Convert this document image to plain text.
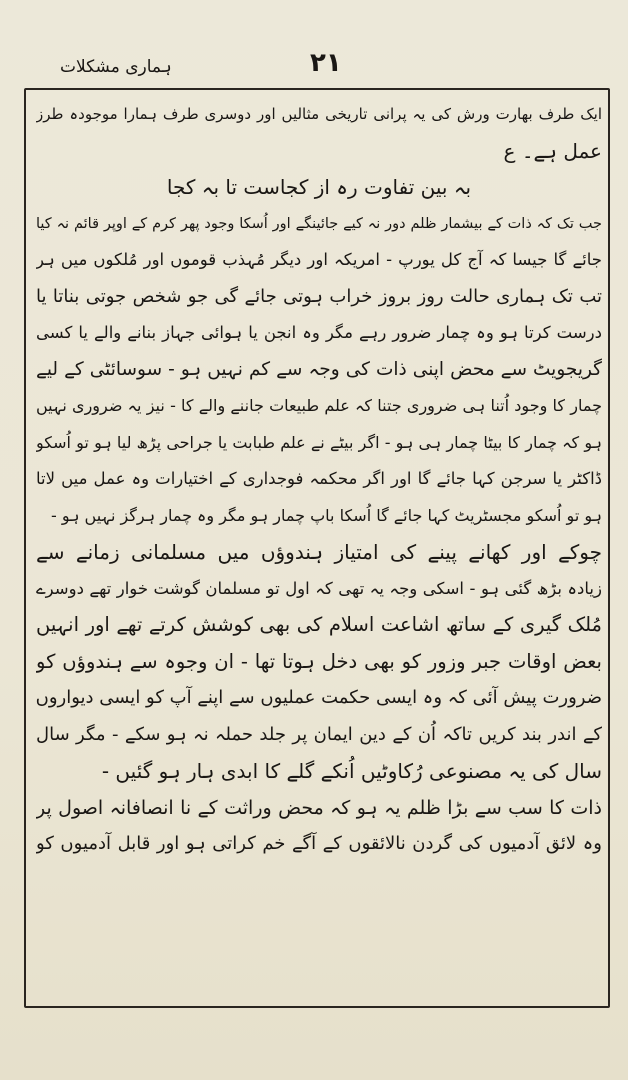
ہماری مشکلات	۲۱
ایک طرف بھارت ورش کی یہ پرانی تاریخی مثالیں اور دوسری طرف ہمارا موجودہ طرز
عمل ہے۔ ع
بہ بین تفاوت رہ از کجاست تا بہ کجا
جب تک کہ ذات کے بیشمار ظلم دور نہ کیے جائینگے اور اُسکا وجود پھر کرم کے اوپر قائم نہ کیا
جائے گا جیسا کہ آج کل یورپ - امریکہ اور دیگر مُہذب قوموں اور مُلکوں میں ہر
تب تک ہماری حالت روز بروز خراب ہوتی جائے گی جو شخص جوتی بناتا یا
درست کرتا ہو وہ چمار ضرور رہے مگر وہ انجن یا ہوائی جہاز بنانے والے یا کسی
گریجویٹ سے محض اپنی ذات کی وجہ سے کم نہیں ہو - سوسائٹی کے لیے
چمار کا وجود اُتنا ہی ضروری جتنا کہ علم طبیعات جاننے والے کا - نیز یہ ضروری نہیں
ہو کہ چمار کا بیٹا چمار ہی ہو - اگر بیٹے نے علم طبابت یا جراحی پڑھ لیا ہو تو اُسکو
ڈاکٹر یا سرجن کہا جائے گا اور اگر محکمہ فوجداری کے اختیارات وہ عمل میں لاتا
ہو تو اُسکو مجسٹریٹ کہا جائے گا اُسکا باپ چمار ہو مگر وہ چمار ہرگز نہیں ہو -
چوکے اور کھانے پینے کی امتیاز ہندوؤں میں مسلمانی زمانے سے
زیادہ بڑھ گئی ہو - اسکی وجہ یہ تھی کہ اول تو مسلمان گوشت خوار تھے دوسرے
مُلک گیری کے ساتھ اشاعت اسلام کی بھی کوشش کرتے تھے اور انہیں
بعض اوقات جبر وزور کو بھی دخل ہوتا تھا - ان وجوہ سے ہندوؤں کو
ضرورت پیش آئی کہ وہ ایسی حکمت عملیوں سے اپنے آپ کو ایسی دیواروں
کے اندر بند کریں تاکہ اُن کے دین ایمان پر جلد حملہ نہ ہو سکے - مگر سال
سال کی یہ مصنوعی رُکاوٹیں اُنکے گلے کا ابدی ہار ہو گئیں -
ذات کا سب سے بڑا ظلم یہ ہو کہ محض وراثت کے نا انصافانہ اصول پر
وہ لائق آدمیوں کی گردن نالائقوں کے آگے خم کراتی ہو اور قابل آدمیوں کو
